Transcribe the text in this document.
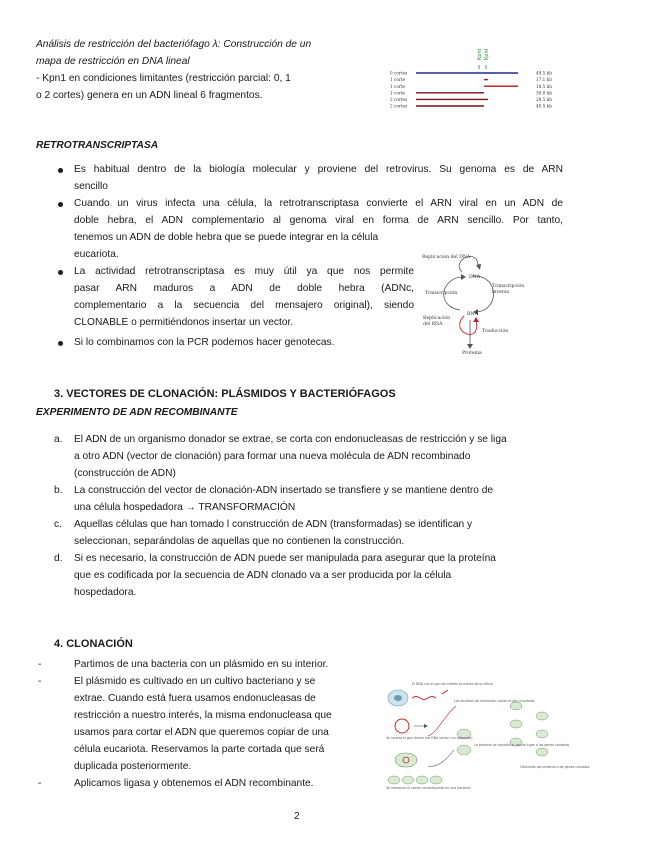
Análisis de restricción del bacteriófago λ: Construcción de un
mapa de restricción en DNA lineal
- Kpn1 en condiciones limitantes (restricción parcial: 0, 1
o 2 cortes) genera en un ADN lineal 6 fragmentos.
KpnI KpnI
0 cortes	48.5 kb
1 corte	17.1 kb
1 corte	18.5 kb
1 corte	30.0 kb
2 cortes	29.5 kb
2 cortes	40.5 kb
RETROTRANSCRIPTASA
Es habitual dentro de la biología molecular y proviene del retrovirus. Su genoma es de ARN
sencillo
Cuando un virus infecta una célula, la retrotranscriptasa convierte el ARN viral en un ADN de
doble hebra, el ADN complementario al genoma viral en forma de ARN sencillo. Por tanto,
tenemos un ADN de doble hebra que se puede integrar en la célula
eucariota.
La actividad retrotranscriptasa es muy útil ya que nos permite
pasar ARN maduros a ADN de doble hebra (ADNc,
complementario a la secuencia del mensajero original), siendo
CLONABLE o permitiéndonos insertar un vector.
Si lo combinamos con la PCR podemos hacer genotecas.
Replicación del DNA
DNA
Transcripción
Transcripción
inversa
RNA
Replicación
del RNA
Traducción
Proteína
3. VECTORES DE CLONACIÓN: PLÁSMIDOS Y BACTERIÓFAGOS
EXPERIMENTO DE ADN RECOMBINANTE
a. El ADN de un organismo donador se extrae, se corta con endonucleasas de restricción y se liga
a otro ADN (vector de clonación) para formar una nueva molécula de ADN recombinado
(construcción de ADN)
b. La construcción del vector de clonación-ADN insertado se transfiere y se mantiene dentro de
una célula hospedadora → TRANSFORMACIÓN
c. Aquellas células que han tomado l construcción de ADN (transformadas) se identifican y
seleccionan, separándolas de aquellas que no contienen la construcción.
d. Si es necesario, la construcción de ADN puede ser manipulada para asegurar que la proteína
que es codificada por la secuencia de ADN clonado va a ser producida por la célula
hospedadora.
4. CLONACIÓN
-	Partimos de una bacteria con un plásmido en su interior.
-	El plásmido es cultivado en un cultivo bacteriano y se
extrae. Cuando está fuera usamos endonucleasas de
restricción a nuestro interés, la misma endonucleasa que
usamos para cortar el ADN que queremos copiar de una
célula eucariota. Reservamos la parte cortada que será
duplicada posteriormente.
-	Aplicamos ligasa y obtenemos el ADN recombinante.
El DNA con el gen de interés se extrae de la célula
Los enzimas de restricción cortan el gen insertado
Se inserta el gen dentro del DNA vector (un plásmido)
La bacteria se reproduce, dando lugar a los genes clonados
Se introduce el vector recombinante en una bacteria
Obtención de proteína o de genes clonados
2
